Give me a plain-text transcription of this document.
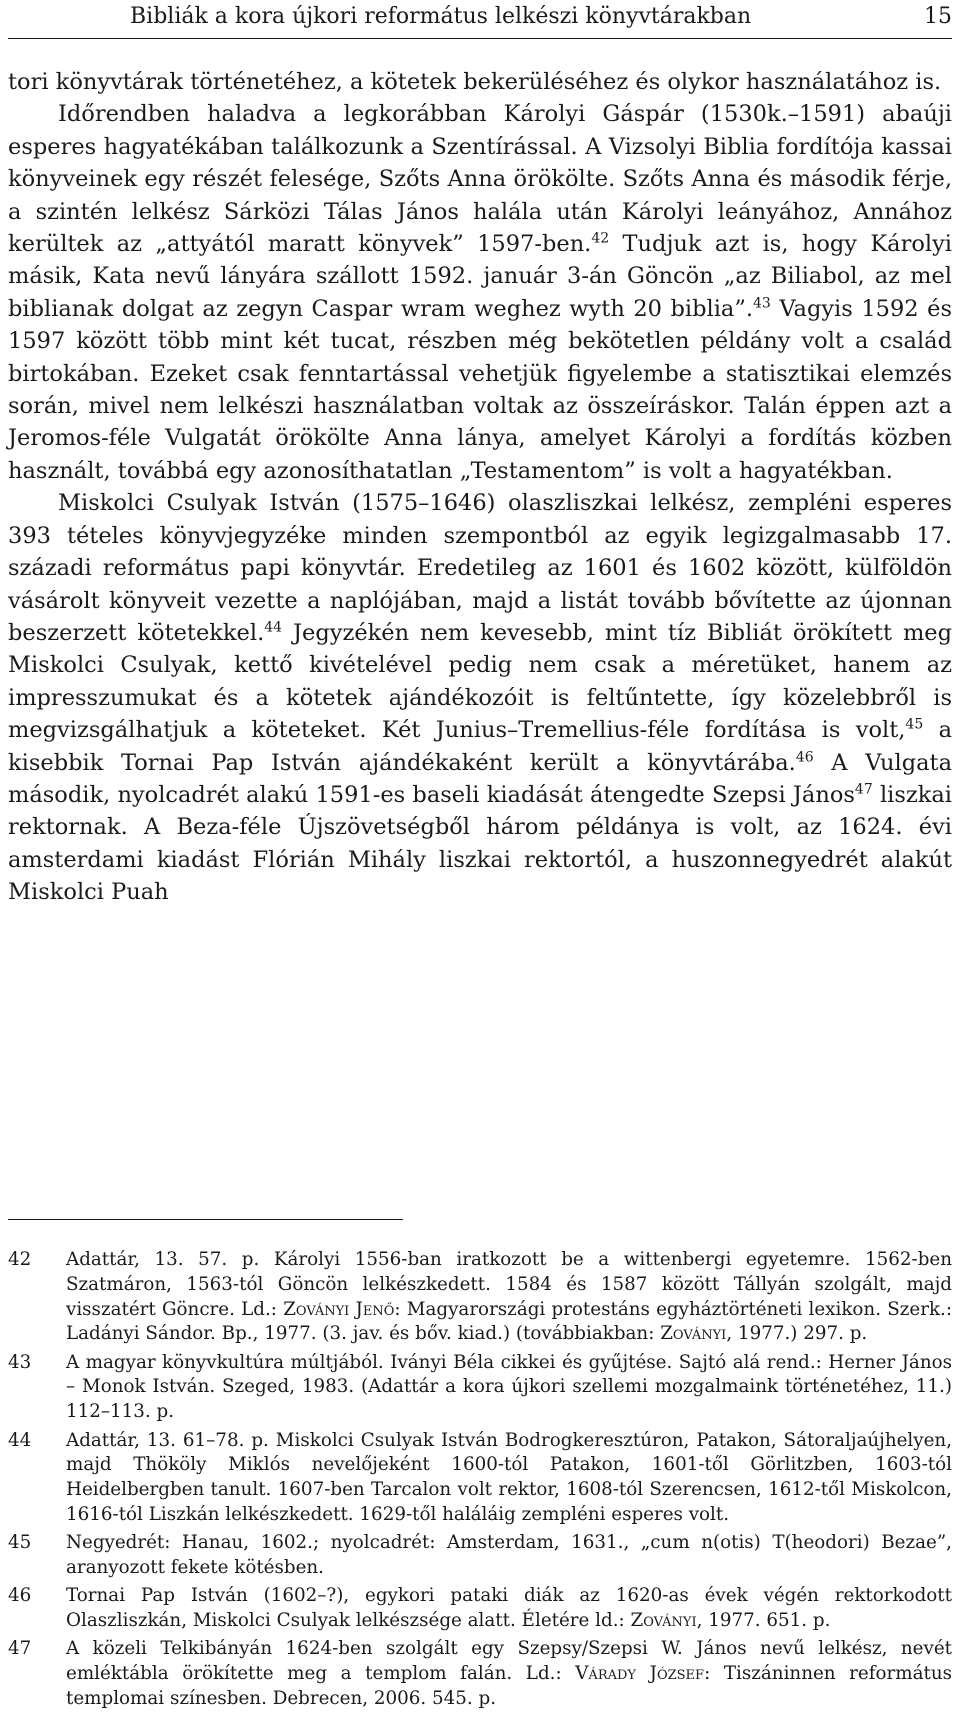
Bibliák a kora újkori református lelkészi könyvtárakban	15

tori könyvtárak történetéhez, a kötetek bekerüléséhez és olykor használatához is.

Időrendben haladva a legkorábban Károlyi Gáspár (1530k.–1591) abaúji esperes hagyatékában találkozunk a Szentírással. A Vizsolyi Biblia fordítója kassai könyveinek egy részét felesége, Szőts Anna örökölte. Szőts Anna és második férje, a szintén lelkész Sárközi Tálas János halála után Károlyi leányához, Annához kerültek az „attyától maratt könyvek” 1597-ben.$^{42}$ Tudjuk azt is, hogy Károlyi másik, Kata nevű lányára szállott 1592. január 3-án Göncön „az Biliabol, az mel biblianak dolgat az zegyn Caspar wram weghez wyth 20 biblia”.$^{43}$ Vagyis 1592 és 1597 között több mint két tucat, részben még bekötetlen példány volt a család birtokában. Ezeket csak fenntartással vehetjük figyelembe a statisztikai elemzés során, mivel nem lelkészi használatban voltak az összeíráskor. Talán éppen azt a Jeromos-féle Vulgatát örökölte Anna lánya, amelyet Károlyi a fordítás közben használt, továbbá egy azonosíthatatlan „Testamentom” is volt a hagyatékban.

Miskolci Csulyak István (1575–1646) olaszliszkai lelkész, zempléni esperes 393 tételes könyvjegyzéke minden szempontból az egyik legizgalmasabb 17. századi református papi könyvtár. Eredetileg az 1601 és 1602 között, külföldön vásárolt könyveit vezette a naplójában, majd a listát tovább bővítette az újonnan beszerzett kötetekkel.$^{44}$ Jegyzékén nem kevesebb, mint tíz Bibliát örökített meg Miskolci Csulyak, kettő kivételével pedig nem csak a méretüket, hanem az impresszumukat és a kötetek ajándékozóit is feltűntette, így közelebbről is megvizsgálhatjuk a köteteket. Két Junius–Tremellius-féle fordítása is volt,$^{45}$ a kisebbik Tornai Pap István ajándékaként került a könyvtárába.$^{46}$ A Vulgata második, nyolcadrét alakú 1591-es baseli kiadását átengedte Szepsi János$^{47}$ liszkai rektornak. A Beza-féle Újszövetségből három példánya is volt, az 1624. évi amsterdami kiadást Flórián Mihály liszkai rektortól, a huszonnegyedrét alakút Miskolci Puah

42	Adattár, 13. 57. p. Károlyi 1556-ban iratkozott be a wittenbergi egyetemre. 1562-ben Szatmáron, 1563-tól Göncön lelkészkedett. 1584 és 1587 között Tállyán szolgált, majd visszatért Göncre. Ld.: Zoványi Jenő: Magyarországi protestáns egyháztörténeti lexikon. Szerk.: Ladányi Sándor. Bp., 1977. (3. jav. és bőv. kiad.) (továbbiakban: Zoványi, 1977.) 297. p.
43	A magyar könyvkultúra múltjából. Iványi Béla cikkei és gyűjtése. Sajtó alá rend.: Herner János – Monok István. Szeged, 1983. (Adattár a kora újkori szellemi mozgalmaink történetéhez, 11.) 112–113. p.
44	Adattár, 13. 61–78. p. Miskolci Csulyak István Bodrogkeresztúron, Patakon, Sátoraljaújhelyen, majd Thököly Miklós nevelőjeként 1600-tól Patakon, 1601-től Görlitzben, 1603-tól Heidelbergben tanult. 1607-ben Tarcalon volt rektor, 1608-tól Szerencsen, 1612-től Miskolcon, 1616-tól Liszkán lelkészkedett. 1629-től haláláig zempléni esperes volt.
45	Negyedrét: Hanau, 1602.; nyolcadrét: Amsterdam, 1631., „cum n(otis) T(heodori) Bezae”, aranyozott fekete kötésben.
46	Tornai Pap István (1602–?), egykori pataki diák az 1620-as évek végén rektorkodott Olaszliszkán, Miskolci Csulyak lelkészsége alatt. Életére ld.: Zoványi, 1977. 651. p.
47	A közeli Telkibányán 1624-ben szolgált egy Szepsy/Szepsi W. János nevű lelkész, nevét emléktábla örökítette meg a templom falán. Ld.: Várady József: Tiszáninnen református templomai színesben. Debrecen, 2006. 545. p.
